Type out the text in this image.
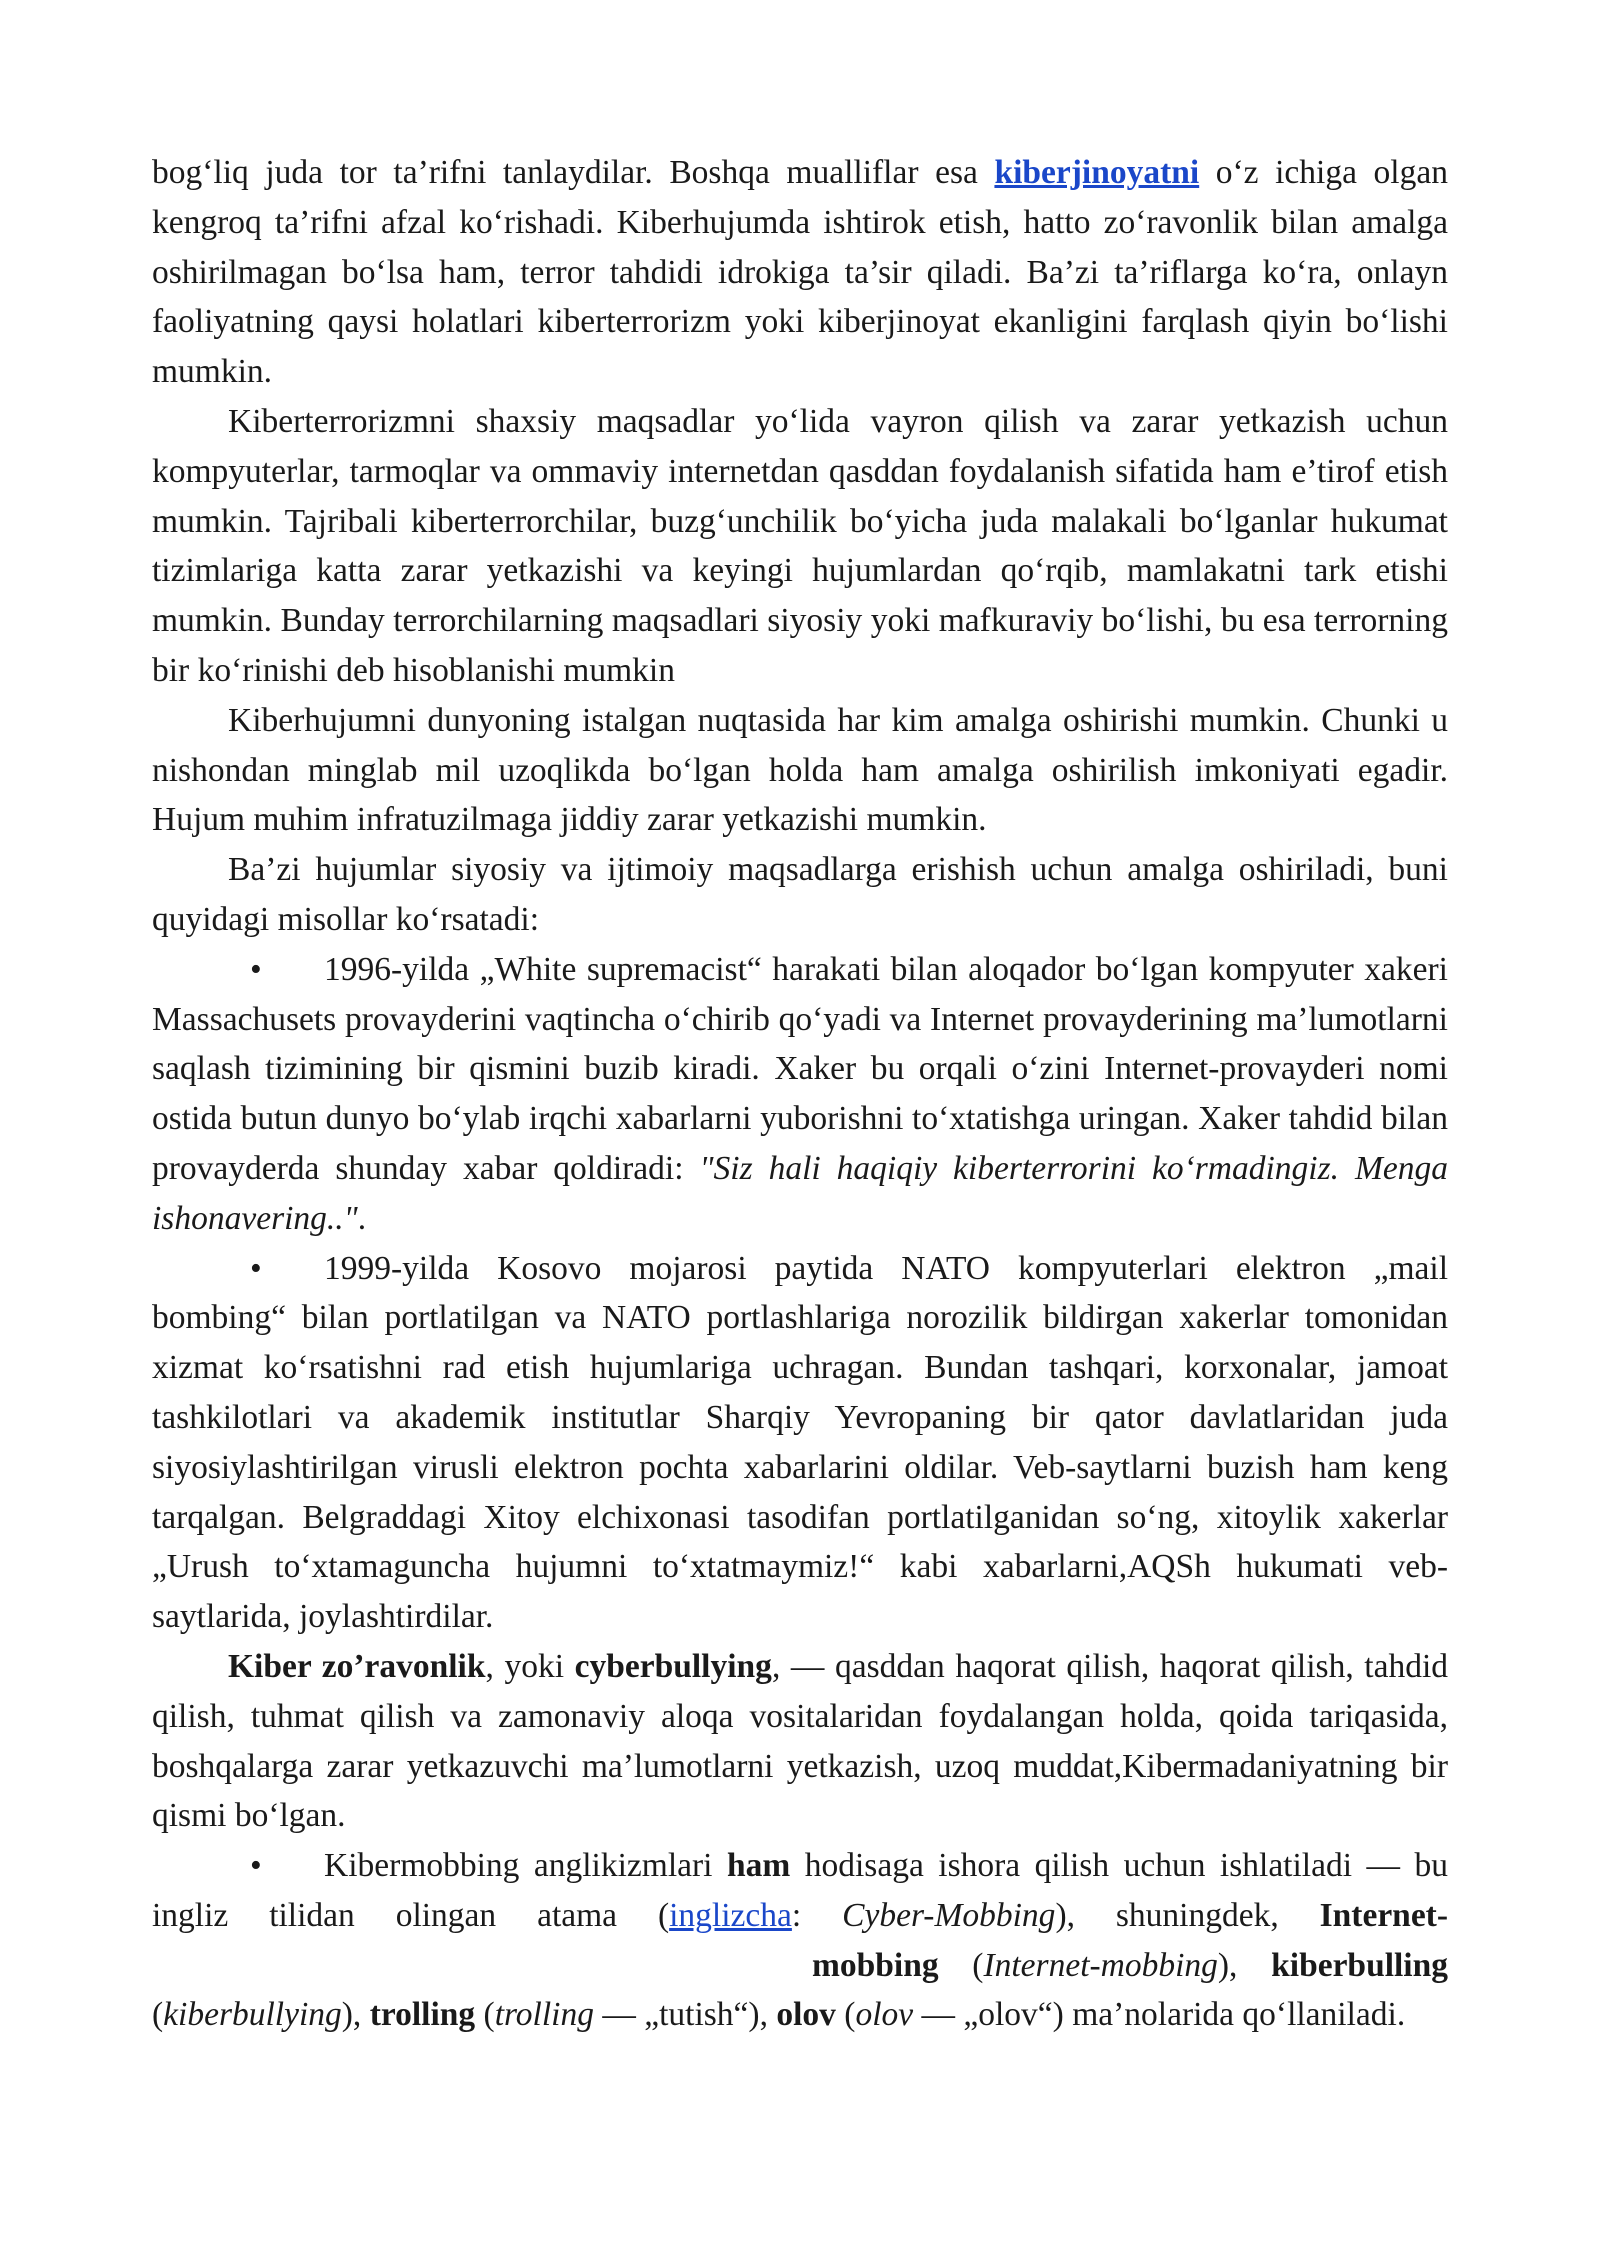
bog‘liq juda tor ta’rifni tanlaydilar. Boshqa mualliflar esa kiberjinoyatni o‘z ichiga olgan kengroq ta’rifni afzal ko‘rishadi. Kiberhujumda ishtirok etish, hatto zo‘ravonlik bilan amalga oshirilmagan bo‘lsa ham, terror tahdidi idrokiga ta’sir qiladi. Ba’zi ta’riflarga ko‘ra, onlayn faoliyatning qaysi holatlari kiberterrorizm yoki kiberjinoyat ekanligini farqlash qiyin bo‘lishi mumkin.

Kiberterrorizmni shaxsiy maqsadlar yo‘lida vayron qilish va zarar yetkazish uchun kompyuterlar, tarmoqlar va ommaviy internetdan qasddan foydalanish sifatida ham e’tirof etish mumkin. Tajribali kiberterrorchilar, buzg‘unchilik bo‘yicha juda malakali bo‘lganlar hukumat tizimlariga katta zarar yetkazishi va keyingi hujumlardan qo‘rqib, mamlakatni tark etishi mumkin. Bunday terrorchilarning maqsadlari siyosiy yoki mafkuraviy bo‘lishi, bu esa terrorning bir ko‘rinishi deb hisoblanishi mumkin

Kiberhujumni dunyoning istalgan nuqtasida har kim amalga oshirishi mumkin. Chunki u nishondan minglab mil uzoqlikda bo‘lgan holda ham amalga oshirilish imkoniyati egadir. Hujum muhim infratuzilmaga jiddiy zarar yetkazishi mumkin.

Ba’zi hujumlar siyosiy va ijtimoiy maqsadlarga erishish uchun amalga oshiriladi, buni quyidagi misollar ko‘rsatadi:

• 1996-yilda „White supremacist“ harakati bilan aloqador bo‘lgan kompyuter xakeri Massachusets provayderini vaqtincha o‘chirib qo‘yadi va Internet provayderining ma’lumotlarni saqlash tizimining bir qismini buzib kiradi. Xaker bu orqali o‘zini Internet-provayderi nomi ostida butun dunyo bo‘ylab irqchi xabarlarni yuborishni to‘xtatishga uringan. Xaker tahdid bilan provayderda shunday xabar qoldiradi: "Siz hali haqiqiy kiberterrorini ko‘rmadingiz. Menga ishonavering..".

• 1999-yilda Kosovo mojarosi paytida NATO kompyuterlari elektron „mail bombing“ bilan portlatilgan va NATO portlashlariga norozilik bildirgan xakerlar tomonidan xizmat ko‘rsatishni rad etish hujumlariga uchragan. Bundan tashqari, korxonalar, jamoat tashkilotlari va akademik institutlar Sharqiy Yevropaning bir qator davlatlaridan juda siyosiylashtirilgan virusli elektron pochta xabarlarini oldilar. Veb-saytlarni buzish ham keng tarqalgan. Belgraddagi Xitoy elchixonasi tasodifan portlatilganidan so‘ng, xitoylik xakerlar „Urush to‘xtamaguncha hujumni to‘xtatmaymiz!“ kabi xabarlarni,AQSh hukumati veb-saytlarida, joylashtirdilar.

Kiber zo’ravonlik, yoki cyberbullying, — qasddan haqorat qilish, haqorat qilish, tahdid qilish, tuhmat qilish va zamonaviy aloqa vositalaridan foydalangan holda, qoida tariqasida, boshqalarga zarar yetkazuvchi ma’lumotlarni yetkazish, uzoq muddat,Kibermadaniyatning bir qismi bo‘lgan.

• Kibermobbing anglikizmlari ham hodisaga ishora qilish uchun ishlatiladi — bu ingliz tilidan olingan atama (inglizcha: Cyber-Mobbing), shuningdek, Internet-mobbing (Internet-mobbing), kiberbulling (kiberbullying), trolling (trolling — „tutish“), olov (olov — „olov“) ma’nolarida qo‘llaniladi.
